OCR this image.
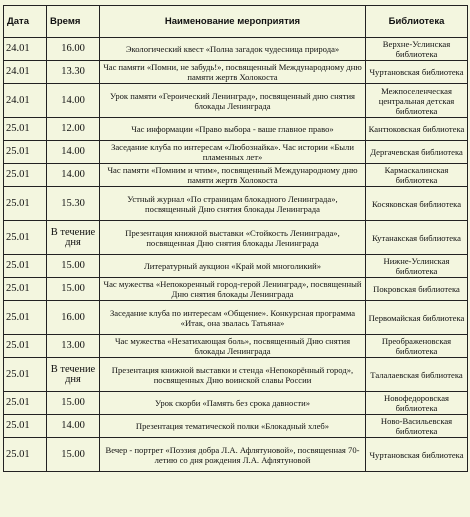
Дата	Время	Наименование мероприятия	Библиотека
24.01	16.00	Экологический квест «Полна загадок чудесница природа»	Верхне-Услинская библиотека
24.01	13.30	Час памяти «Помни, не забудь!», посвященный Международному дню памяти жертв Холокоста	Чуртановская библиотека
24.01	14.00	Урок памяти «Героический Ленинград», посвященный дню снятия блокады Ленинграда	Межпоселенческая центральная детская библиотека
25.01	12.00	Час информации «Право выбора - ваше главное право»	Кантюковская библиотека
25.01	14.00	Заседание клуба по интересам «Любознайка». Час истории «Были пламенных лет»	Дергачевская библиотека
25.01	14.00	Час памяти «Помним и чтим», посвященный Международному дню памяти жертв Холокоста	Кармаскалинская библиотека
25.01	15.30	Устный журнал «По страницам блокадного Ленинграда», посвященный Дню снятия блокады Ленинграда	Косяковская библиотека
25.01	В течение дня	Презентация книжной выставки «Стойкость Ленинграда», посвященная Дню снятия блокады Ленинграда	Кутанакская библиотека
25.01	15.00	Литературный аукцион «Край мой многоликий»	Нижне-Услинская библиотека
25.01	15.00	Час мужества «Непокоренный город-герой Ленинград», посвященный Дню снятия блокады Ленинграда	Покровская библиотека
25.01	16.00	Заседание клуба по интересам «Общение». Конкурсная программа «Итак, она звалась Татьяна»	Первомайская библиотека
25.01	13.00	Час мужества «Незатихающая боль», посвященный Дню снятия блокады Ленинграда	Преображеновская библиотека
25.01	В течение дня	Презентация книжной выставки и стенда «Непокорённый город», посвященных Дню воинской славы России	Талалаевская библиотека
25.01	15.00	Урок скорби «Память без срока давности»	Новофедоровская библиотека
25.01	14.00	Презентация тематической полки «Блокадный хлеб»	Ново-Васильевская библиотека
25.01	15.00	Вечер - портрет «Поэзия добра Л.А. Афлятуновой», посвященная 70-летию со дня рождения Л.А. Афлятуновой	Чуртановская библиотека
